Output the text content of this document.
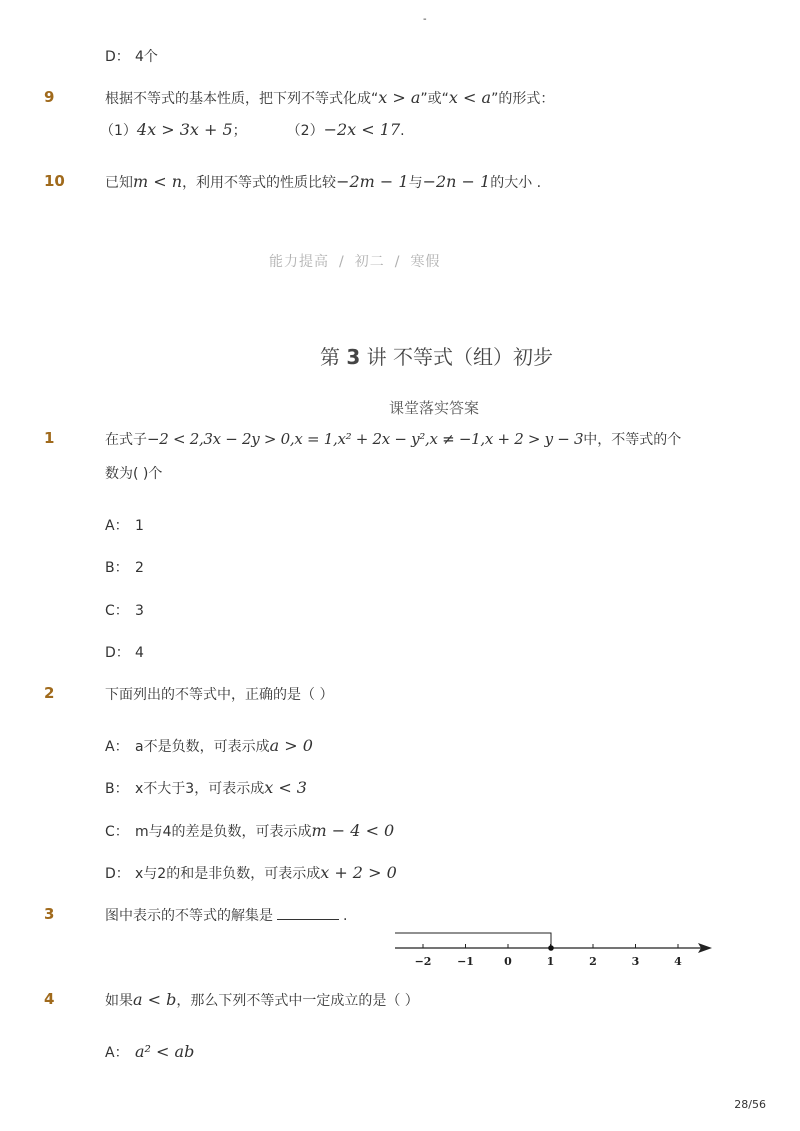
-
D： 4个
9	根据不等式的基本性质，把下列不等式化成“x > a”或“x < a”的形式：
（1）4x > 3x + 5；	（2）−2x < 17.
10	已知m < n，利用不等式的性质比较−2m − 1与−2n − 1的大小 .
能力提高 / 初二 / 寒假
第 3 讲 不等式（组）初步
课堂落实答案
1	在式子−2 < 2,3x − 2y > 0,x = 1,x² + 2x − y²,x ≠ −1,x + 2 > y − 3中，不等式的个
数为( )个
A： 1
B： 2
C： 3
D： 4
2	下面列出的不等式中，正确的是（ ）
A： a不是负数，可表示成a > 0
B： x不大于3，可表示成x < 3
C： m与4的差是负数，可表示成m − 4 < 0
D： x与2的和是非负数，可表示成x + 2 > 0
3	图中表示的不等式的解集是	.
−2 −1	0	1	2	3	4
4	如果a < b，那么下列不等式中一定成立的是（ ）
A： a² < ab
28/56
